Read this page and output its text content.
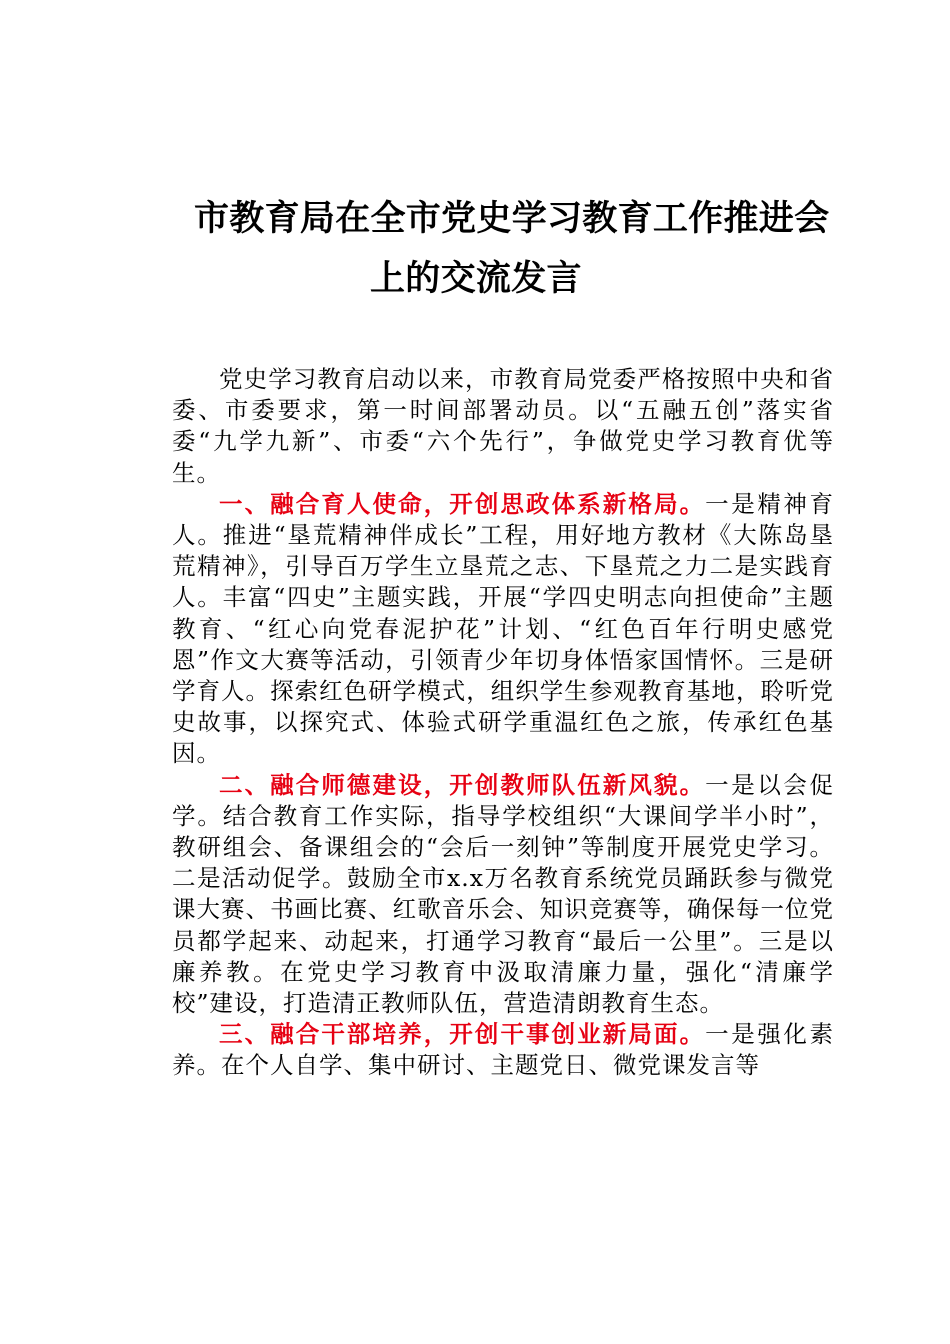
市教育局在全市党史学习教育工作推进会
上的交流发言

党史学习教育启动以来，市教育局党委严格按照中央和省委、市委要求，第一时间部署动员。以“五融五创”落实省委“九学九新”、市委“六个先行”，争做党史学习教育优等生。

一、融合育人使命，开创思政体系新格局。一是精神育人。推进“垦荒精神伴成长”工程，用好地方教材《大陈岛垦荒精神》，引导百万学生立垦荒之志、下垦荒之力二是实践育人。丰富“四史”主题实践，开展“学四史明志向担使命”主题教育、“红心向党春泥护花”计划、“红色百年行明史感党恩”作文大赛等活动，引领青少年切身体悟家国情怀。三是研学育人。探索红色研学模式，组织学生参观教育基地，聆听党史故事，以探究式、体验式研学重温红色之旅，传承红色基因。

二、融合师德建设，开创教师队伍新风貌。一是以会促学。结合教育工作实际，指导学校组织“大课间学半小时”，教研组会、备课组会的“会后一刻钟”等制度开展党史学习。二是活动促学。鼓励全市x.x万名教育系统党员踊跃参与微党课大赛、书画比赛、红歌音乐会、知识竞赛等，确保每一位党员都学起来、动起来，打通学习教育“最后一公里”。三是以廉养教。在党史学习教育中汲取清廉力量，强化“清廉学校”建设，打造清正教师队伍，营造清朗教育生态。

三、融合干部培养，开创干事创业新局面。一是强化素养。在个人自学、集中研讨、主题党日、微党课发言等
